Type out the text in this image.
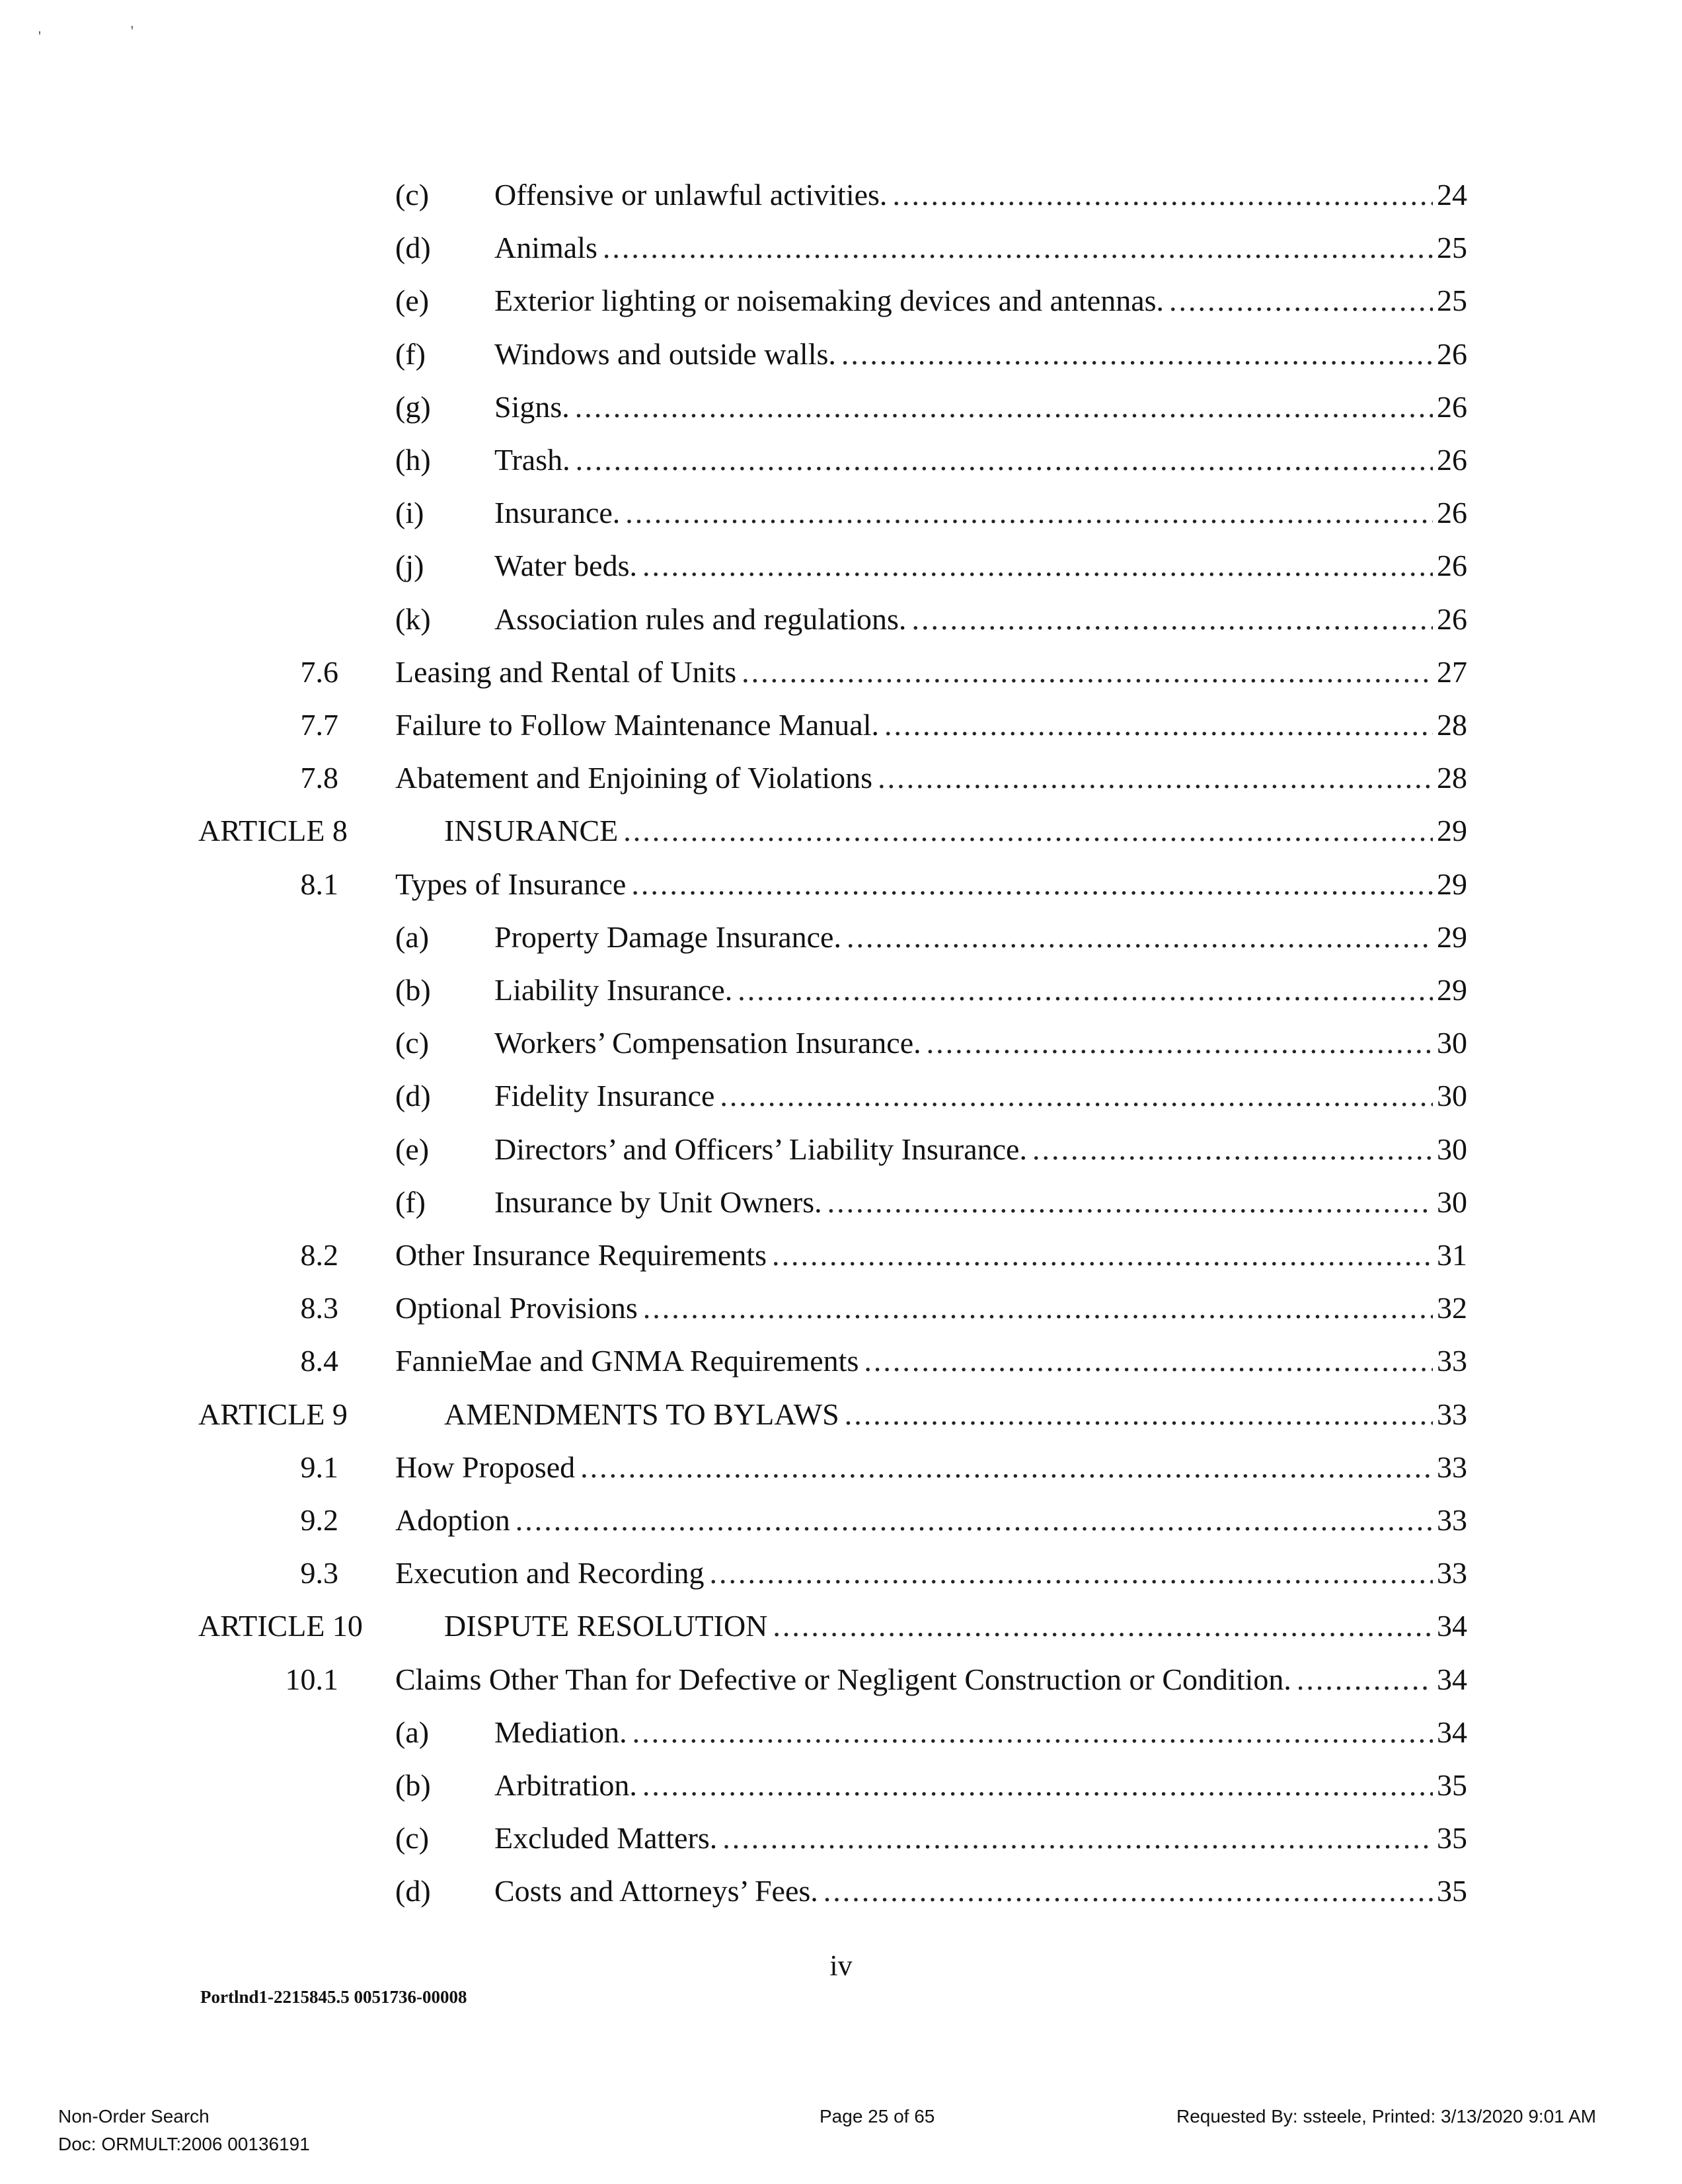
'	'
(c) Offensive or unlawful activities. .....	24
(d) Animals .....	25
(e) Exterior lighting or noisemaking devices and antennas. .....	25
(f) Windows and outside walls. .....	26
(g) Signs. .....	26
(h) Trash. .....	26
(i) Insurance. .....	26
(j) Water beds. .....	26
(k) Association rules and regulations. .....	26
7.6 Leasing and Rental of Units .....	27
7.7 Failure to Follow Maintenance Manual. .....	28
7.8 Abatement and Enjoining of Violations .....	28
ARTICLE 8	INSURANCE .....	29
8.1 Types of Insurance .....	29
(a) Property Damage Insurance. .....	29
(b) Liability Insurance. .....	29
(c) Workers’ Compensation Insurance. .....	30
(d) Fidelity Insurance .....	30
(e) Directors’ and Officers’ Liability Insurance. .....	30
(f) Insurance by Unit Owners. .....	30
8.2 Other Insurance Requirements .....	31
8.3 Optional Provisions .....	32
8.4 FannieMae and GNMA Requirements .....	33
ARTICLE 9	AMENDMENTS TO BYLAWS .....	33
9.1 How Proposed .....	33
9.2 Adoption .....	33
9.3 Execution and Recording .....	33
ARTICLE 10	DISPUTE RESOLUTION .....	34
10.1 Claims Other Than for Defective or Negligent Construction or Condition. .....	34
(a) Mediation. .....	34
(b) Arbitration. .....	35
(c) Excluded Matters. .....	35
(d) Costs and Attorneys’ Fees. .....	35
iv
Portlnd1-2215845.5 0051736-00008
Non-Order Search
Doc: ORMULT:2006 00136191
Page 25 of 65	Requested By: ssteele, Printed: 3/13/2020 9:01 AM
